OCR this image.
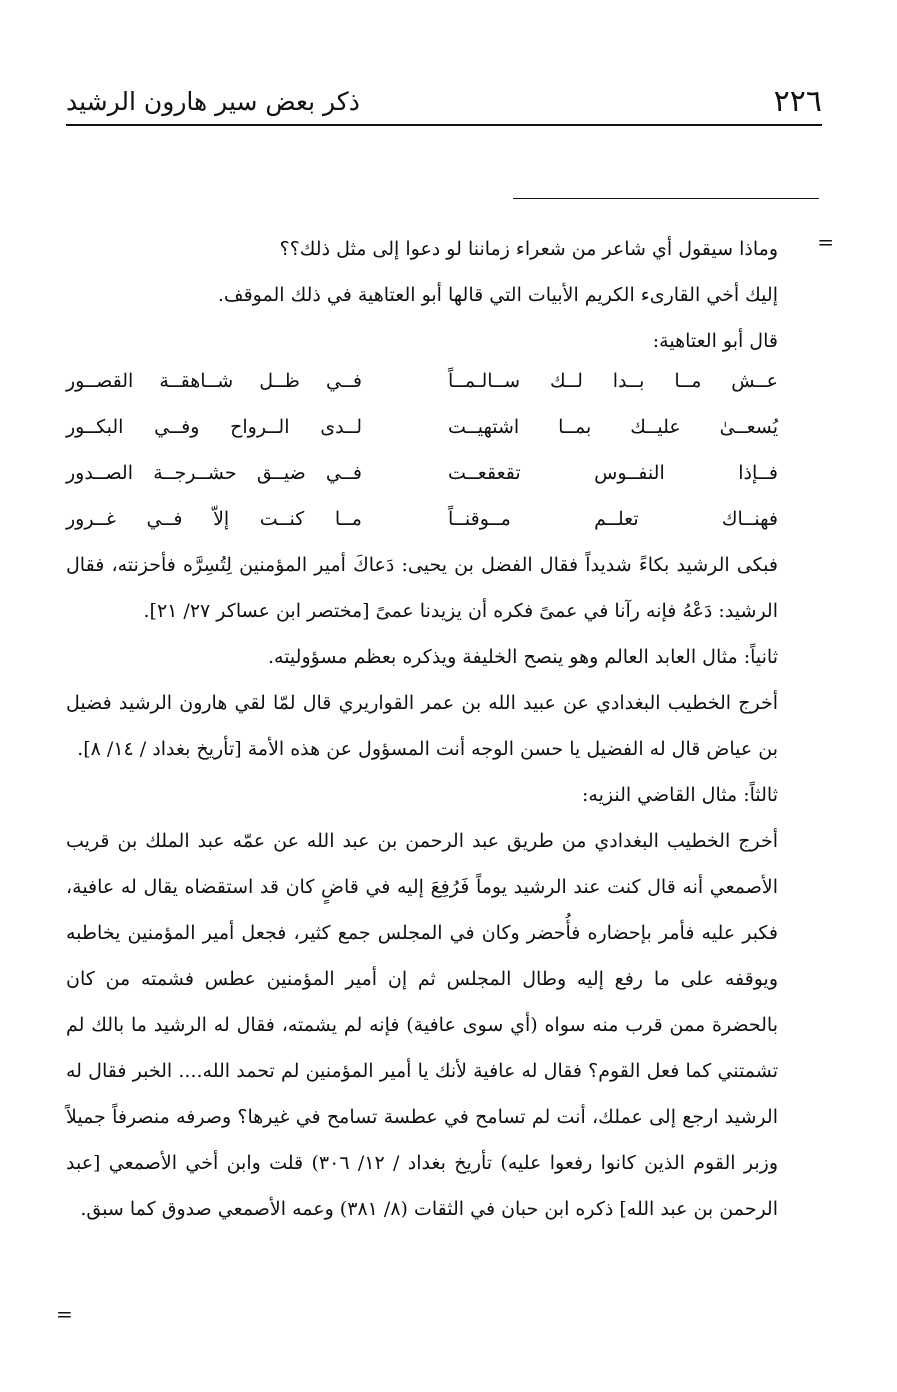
٢٢٦
ذكر بعض سير هارون الرشيد
=

وماذا سيقول أي شاعر من شعراء زماننا لو دعوا إلى مثل ذلك؟؟

إليك أخي القارىء الكريم الأبيات التي قالها أبو العتاهية في ذلك الموقف.

قال أبو العتاهية:

عــش مــا بــدا لــك ســالـمــاً
فــي ظــل شــاهقــة القصــور
يُسعــىٰ عليــك بمــا اشتهيــت
لــدى الــرواح وفــي البكــور
فــإذا النفــوس تقعقعــت
فــي ضيــق حشــرجــة الصــدور
فهنــاك تعلــم مــوقنــاً
مــا كنــت إلاّ فــي غــرور

فبكى الرشيد بكاءً شديداً فقال الفضل بن يحيى: دَعاكَ أمير المؤمنين لِتُسِرَّه فأحزنته، فقال الرشيد: دَعْهُ فإنه رآنا في عمىً فكره أن يزيدنا عمىً [مختصر ابن عساكر ٢٧/ ٢١].

ثانياً: مثال العابد العالم وهو ينصح الخليفة ويذكره بعظم مسؤوليته.

أخرج الخطيب البغدادي عن عبيد الله بن عمر القواريري قال لمّا لقي هارون الرشيد فضيل بن عياض قال له الفضيل يا حسن الوجه أنت المسؤول عن هذه الأمة [تأريخ بغداد / ١٤/ ٨].

ثالثاً: مثال القاضي النزيه:

أخرج الخطيب البغدادي من طريق عبد الرحمن بن عبد الله عن عمّه عبد الملك بن قريب الأصمعي أنه قال كنت عند الرشيد يوماً فَرُفِعَ إليه في قاضٍ كان قد استقضاه يقال له عافية، فكبر عليه فأمر بإحضاره فأُحضر وكان في المجلس جمع كثير، فجعل أمير المؤمنين يخاطبه ويوقفه على ما رفع إليه وطال المجلس ثم إن أمير المؤمنين عطس فشمته من كان بالحضرة ممن قرب منه سواه (أي سوى عافية) فإنه لم يشمته، فقال له الرشيد ما بالك لم تشمتني كما فعل القوم؟ فقال له عافية لأنك يا أمير المؤمنين لم تحمد الله.... الخبر فقال له الرشيد ارجع إلى عملك، أنت لم تسامح في عطسة تسامح في غيرها؟ وصرفه منصرفاً جميلاً وزبر القوم الذين كانوا رفعوا عليه) تأريخ بغداد / ١٢/ ٣٠٦) قلت وابن أخي الأصمعي [عبد الرحمن بن عبد الله] ذكره ابن حبان في الثقات (٨/ ٣٨١) وعمه الأصمعي صدوق كما سبق.

=
